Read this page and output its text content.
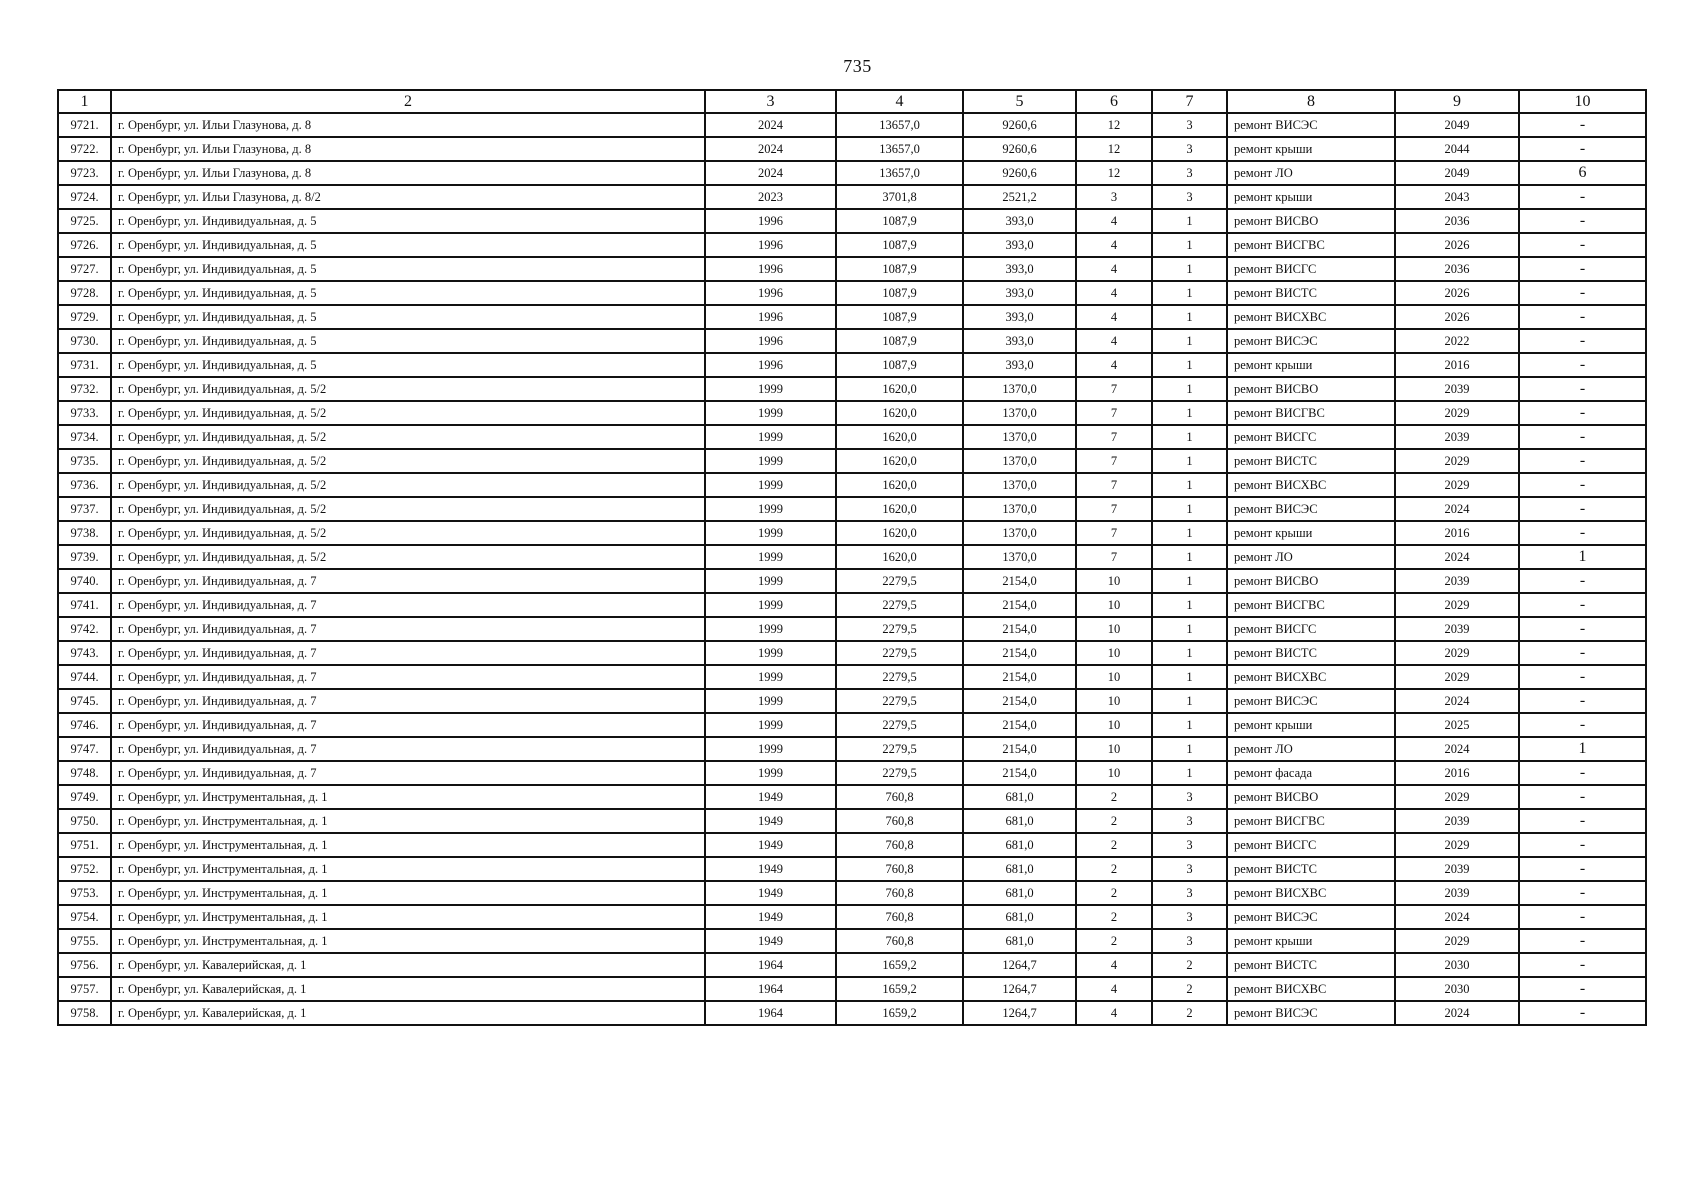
735
1	2	3	4	5	6	7	8	9	10
9721.	г. Оренбург, ул. Ильи Глазунова, д. 8	2024	13657,0	9260,6	12	3	ремонт ВИСЭС	2049	-
9722.	г. Оренбург, ул. Ильи Глазунова, д. 8	2024	13657,0	9260,6	12	3	ремонт крыши	2044	-
9723.	г. Оренбург, ул. Ильи Глазунова, д. 8	2024	13657,0	9260,6	12	3	ремонт ЛО	2049	6
9724.	г. Оренбург, ул. Ильи Глазунова, д. 8/2	2023	3701,8	2521,2	3	3	ремонт крыши	2043	-
9725.	г. Оренбург, ул. Индивидуальная, д. 5	1996	1087,9	393,0	4	1	ремонт ВИСВО	2036	-
9726.	г. Оренбург, ул. Индивидуальная, д. 5	1996	1087,9	393,0	4	1	ремонт ВИСГВС	2026	-
9727.	г. Оренбург, ул. Индивидуальная, д. 5	1996	1087,9	393,0	4	1	ремонт ВИСГС	2036	-
9728.	г. Оренбург, ул. Индивидуальная, д. 5	1996	1087,9	393,0	4	1	ремонт ВИСТС	2026	-
9729.	г. Оренбург, ул. Индивидуальная, д. 5	1996	1087,9	393,0	4	1	ремонт ВИСХВС	2026	-
9730.	г. Оренбург, ул. Индивидуальная, д. 5	1996	1087,9	393,0	4	1	ремонт ВИСЭС	2022	-
9731.	г. Оренбург, ул. Индивидуальная, д. 5	1996	1087,9	393,0	4	1	ремонт крыши	2016	-
9732.	г. Оренбург, ул. Индивидуальная, д. 5/2	1999	1620,0	1370,0	7	1	ремонт ВИСВО	2039	-
9733.	г. Оренбург, ул. Индивидуальная, д. 5/2	1999	1620,0	1370,0	7	1	ремонт ВИСГВС	2029	-
9734.	г. Оренбург, ул. Индивидуальная, д. 5/2	1999	1620,0	1370,0	7	1	ремонт ВИСГС	2039	-
9735.	г. Оренбург, ул. Индивидуальная, д. 5/2	1999	1620,0	1370,0	7	1	ремонт ВИСТС	2029	-
9736.	г. Оренбург, ул. Индивидуальная, д. 5/2	1999	1620,0	1370,0	7	1	ремонт ВИСХВС	2029	-
9737.	г. Оренбург, ул. Индивидуальная, д. 5/2	1999	1620,0	1370,0	7	1	ремонт ВИСЭС	2024	-
9738.	г. Оренбург, ул. Индивидуальная, д. 5/2	1999	1620,0	1370,0	7	1	ремонт крыши	2016	-
9739.	г. Оренбург, ул. Индивидуальная, д. 5/2	1999	1620,0	1370,0	7	1	ремонт ЛО	2024	1
9740.	г. Оренбург, ул. Индивидуальная, д. 7	1999	2279,5	2154,0	10	1	ремонт ВИСВО	2039	-
9741.	г. Оренбург, ул. Индивидуальная, д. 7	1999	2279,5	2154,0	10	1	ремонт ВИСГВС	2029	-
9742.	г. Оренбург, ул. Индивидуальная, д. 7	1999	2279,5	2154,0	10	1	ремонт ВИСГС	2039	-
9743.	г. Оренбург, ул. Индивидуальная, д. 7	1999	2279,5	2154,0	10	1	ремонт ВИСТС	2029	-
9744.	г. Оренбург, ул. Индивидуальная, д. 7	1999	2279,5	2154,0	10	1	ремонт ВИСХВС	2029	-
9745.	г. Оренбург, ул. Индивидуальная, д. 7	1999	2279,5	2154,0	10	1	ремонт ВИСЭС	2024	-
9746.	г. Оренбург, ул. Индивидуальная, д. 7	1999	2279,5	2154,0	10	1	ремонт крыши	2025	-
9747.	г. Оренбург, ул. Индивидуальная, д. 7	1999	2279,5	2154,0	10	1	ремонт ЛО	2024	1
9748.	г. Оренбург, ул. Индивидуальная, д. 7	1999	2279,5	2154,0	10	1	ремонт фасада	2016	-
9749.	г. Оренбург, ул. Инструментальная, д. 1	1949	760,8	681,0	2	3	ремонт ВИСВО	2029	-
9750.	г. Оренбург, ул. Инструментальная, д. 1	1949	760,8	681,0	2	3	ремонт ВИСГВС	2039	-
9751.	г. Оренбург, ул. Инструментальная, д. 1	1949	760,8	681,0	2	3	ремонт ВИСГС	2029	-
9752.	г. Оренбург, ул. Инструментальная, д. 1	1949	760,8	681,0	2	3	ремонт ВИСТС	2039	-
9753.	г. Оренбург, ул. Инструментальная, д. 1	1949	760,8	681,0	2	3	ремонт ВИСХВС	2039	-
9754.	г. Оренбург, ул. Инструментальная, д. 1	1949	760,8	681,0	2	3	ремонт ВИСЭС	2024	-
9755.	г. Оренбург, ул. Инструментальная, д. 1	1949	760,8	681,0	2	3	ремонт крыши	2029	-
9756.	г. Оренбург, ул. Кавалерийская, д. 1	1964	1659,2	1264,7	4	2	ремонт ВИСТС	2030	-
9757.	г. Оренбург, ул. Кавалерийская, д. 1	1964	1659,2	1264,7	4	2	ремонт ВИСХВС	2030	-
9758.	г. Оренбург, ул. Кавалерийская, д. 1	1964	1659,2	1264,7	4	2	ремонт ВИСЭС	2024	-
